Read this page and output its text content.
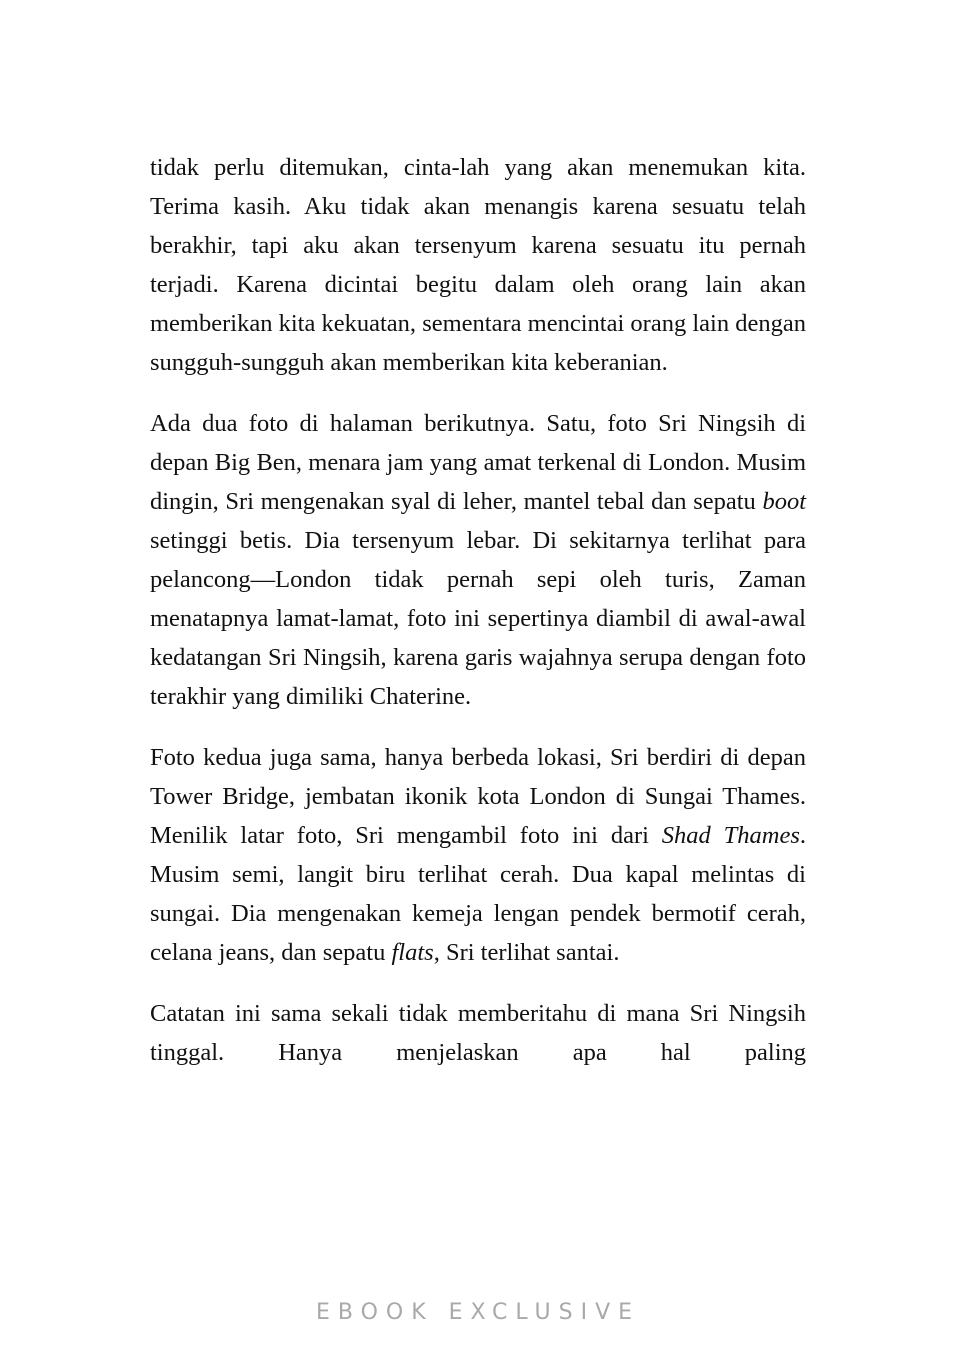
tidak perlu ditemukan, cinta-lah yang akan menemukan kita. Terima kasih. Aku tidak akan menangis karena sesuatu telah berakhir, tapi aku akan tersenyum karena sesuatu itu pernah terjadi. Karena dicintai begitu dalam oleh orang lain akan memberikan kita kekuatan, sementara mencintai orang lain dengan sungguh-sungguh akan memberikan kita keberanian.

Ada dua foto di halaman berikutnya. Satu, foto Sri Ningsih di depan Big Ben, menara jam yang amat terkenal di London. Musim dingin, Sri mengenakan syal di leher, mantel tebal dan sepatu boot setinggi betis. Dia tersenyum lebar. Di sekitarnya terlihat para pelancong—London tidak pernah sepi oleh turis, Zaman menatapnya lamat-lamat, foto ini sepertinya diambil di awal-awal kedatangan Sri Ningsih, karena garis wajahnya serupa dengan foto terakhir yang dimiliki Chaterine.

Foto kedua juga sama, hanya berbeda lokasi, Sri berdiri di depan Tower Bridge, jembatan ikonik kota London di Sungai Thames. Menilik latar foto, Sri mengambil foto ini dari Shad Thames. Musim semi, langit biru terlihat cerah. Dua kapal melintas di sungai. Dia mengenakan kemeja lengan pendek bermotif cerah, celana jeans, dan sepatu flats, Sri terlihat santai.

Catatan ini sama sekali tidak memberitahu di mana Sri Ningsih tinggal. Hanya menjelaskan apa hal paling

EBOOK EXCLUSIVE
